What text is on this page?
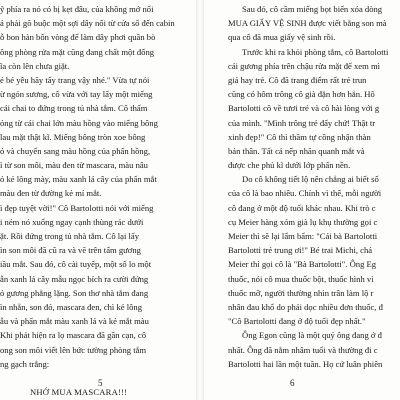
ỹ phía ra nó có bị kẹt đâu, của không mở nổi
ả phải gõ buộc một sợi dây nối từ cửa sổ đến cabin
ỗ bon hàn bốn vòng để làm dây phơi quần bò
ông phòng rửa mặt cũng đang chất một đống
ĩa còn lên chưa giặt.
ẻ bé yêu hãy tẩy trang vậy nhé." Vừa tự nói
ừ ngón sương, cô vừa với tay lấy một miếng
cái chai to đứng trong tủ nhà tắm. Cô thấm
ỏng từ cái chai lớn màu hồng vào miếng bông
lau mặt thật kĩ. Miếng bông tròn xoe bông
ỏ và chuyển sang màu hồng của phấn hồng,
ì từ son môi, màu đen từ mascara, màu nâu
ỏ kẻ lông mày, màu xanh lá cây của phấn mắt
màu đen từ đường kẻ mí mắt.
ì đẹp tuyệt vời!" Cô Bartolotti nói với miếng
i ném nó xuống ngay cạnh thùng rác dưới
ặt. Rồi đứng trong tủ nhà tắm. Cô lại lấy
ìn son môi đã cũ ra và vẽ trên tấm gương
iầu mắt. Sau đó, cô cài tuyếp, một số lo một
ẫn xanh lá cây mẫu ngọc bích ra cười đứng
ỏ gương phẳng lặng. Son thơ nhà tắm đang
ìn nhẵn, son đỏ, mascara đen, chì kẻ lông
ẫu và phấn mắt màu xanh lá và kẻ mắt màu
Khi phát hiện ra lọ mascara đã gần cạn, cô
ong son môi viết lên bức tường phòng tắm
ng gạch trắng:
NHỚ MUA MASCARA!!!
5
Sau đó, cô cầm miếng bọt biển xóa dòng
MUA GIẤY VỆ SINH được viết bằng son mà
qua cô đã mua giấy vệ sinh rồi.
Trước khi ra khỏi phòng tắm, cô Bartolotti
cái gương phía trên chậu rửa mặt để xem mì
giả hay trẻ. Cô đã trang điểm rất trẻ trun
cũng có hôm trông cô già đặn hơn hẳn. Hô
Bartolotti cô về tươi trẻ và cô hài lòng với g
của mình. "Mình trông trẻ đấy chứ! Thật tr
xinh đẹp!" Cô thì thầm tự công nhận thàn
bản thân. Tất cả nếp nhăn quanh mắt và
được che phủ kĩ dưới lớp phấn nền.
Do cô không tiết lộ nên chẳng ai biết số
của cô là bao nhiêu. Chính vì thế, mỗi người
cô đang ở một độ tuổi khác nhau. Khi trò c
cụ Meier hàng xóm già lụ khụ thường gọi c
Meier thì sẽ lại lẩm bẩm: "Cái bà Bartolotti
Bartolotti trẻ trung ơi!" Bé trai Michi, chá
Meier thì gọi cô là "Bà Bartolotti". Ông Eg
thuốc, nói cô mua thuốc bột, thuốc hình vì
thuốc mỡ, người thường nhìn trân làm lộ r
nhân đau khổ do phải dọc nhiều đơn thuốc, đ
"Cô Bartolotti đang ở độ tuổi đẹp nhất."
Ông Egon cũng là một quý ông đang ở đ
nhất. Ông đã nằm nhâm tuổi và thường đi c
Bartolotti hai lần một tuần. Họ cứ luân phiên
6
